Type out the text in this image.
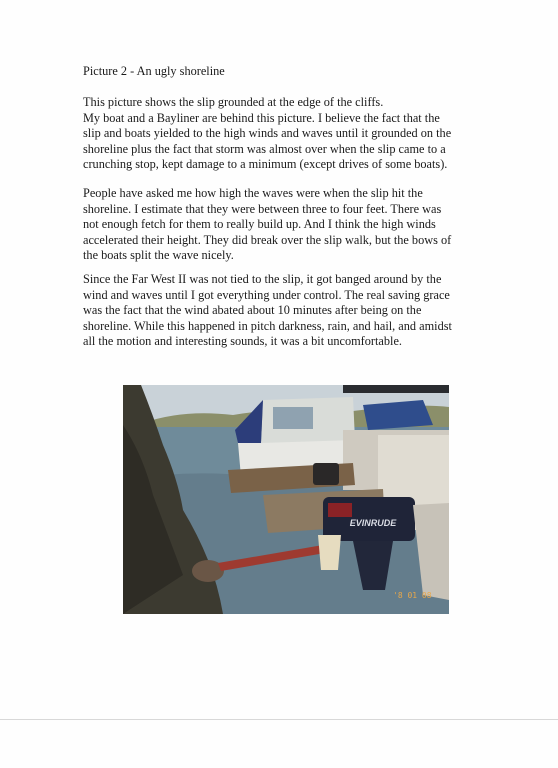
Picture 2 - An ugly shoreline
This picture shows the slip grounded at the edge of the cliffs.
My boat and a Bayliner are behind this picture. I believe the fact that the
slip and boats yielded to the high winds and waves until it grounded on the
shoreline plus the fact that storm was almost over when the slip came to a
crunching stop, kept damage to a minimum (except drives of some boats).
People have asked me how high the waves were when the slip hit the
shoreline. I estimate that they were between three to four feet. There was
not enough fetch for them to really build up. And I think the high winds
accelerated their height. They did break over the slip walk, but the bows of
the boats split the wave nicely.
Since the Far West II was not tied to the slip, it got banged around by the
wind and waves until I got everything under control. The real saving grace
was the fact that the wind abated about 10 minutes after being on the
shoreline. While this happened in pitch darkness, rain, and hail, and amidst
all the motion and interesting sounds, it was a bit uncomfortable.
EVINRUDE
'8 01 08
